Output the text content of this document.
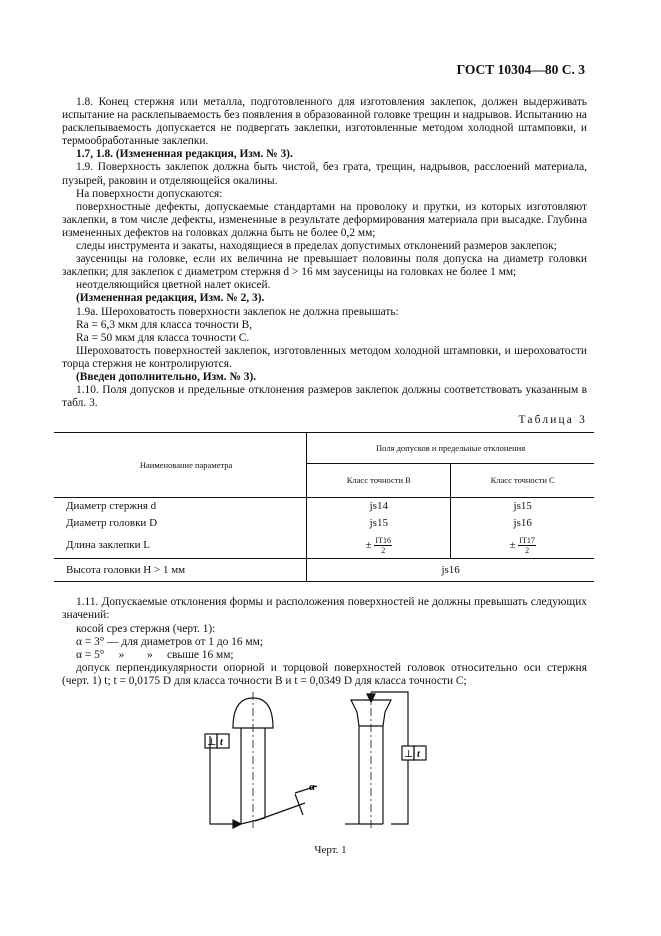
ГОСТ 10304—80 С. 3

1.8. Конец стержня или металла, подготовленного для изготовления заклепок, должен выдерживать испытание на расклепываемость без появления в образованной головке трещин и надрывов. Испытанию на расклепываемость допускается не подвергать заклепки, изготовленные методом холодной штамповки, и термообработанные заклепки.

1.7, 1.8. (Измененная редакция, Изм. № 3).

1.9. Поверхность заклепок должна быть чистой, без грата, трещин, надрывов, расслоений материала, пузырей, раковин и отделяющейся окалины.

На поверхности допускаются:

поверхностные дефекты, допускаемые стандартами на проволоку и прутки, из которых изготовляют заклепки, в том числе дефекты, измененные в результате деформирования материала при высадке. Глубина измененных дефектов на головках должна быть не более 0,2 мм;

следы инструмента и закаты, находящиеся в пределах допустимых отклонений размеров заклепок;

заусеницы на головке, если их величина не превышает половины поля допуска на диаметр головки заклепки; для заклепок с диаметром стержня d > 16 мм заусеницы на головках не более 1 мм;

неотделяющийся цветной налет окисей.

(Измененная редакция, Изм. № 2, 3).

1.9a. Шероховатость поверхности заклепок не должна превышать:

Ra = 6,3 мкм для класса точности В,

Ra = 50 мкм для класса точности С.

Шероховатость поверхностей заклепок, изготовленных методом холодной штамповки, и шероховатости торца стержня не контролируются.

(Введен дополнительно, Изм. № 3).

1.10. Поля допусков и предельные отклонения размеров заклепок должны соответствовать указанным в табл. 3.

Таблица 3
Наименование параметра	Поля допусков и предельные отклонения	
	Класс точности В	Класс точности С
Диаметр стержня d	js14	js15
Диаметр головки D	js15	js16
Длина заклепки L	± $\frac{IT16}{2}$	± $\frac{IT17}{2}$

Высота головки H > 1 мм	js16	

1.11. Допускаемые отклонения формы и расположения поверхностей не должны превышать следующих значений:

косой срез стержня (черт. 1):

α = 3° — для диаметров от 1 до 16 мм;

α = 5°     »        »     свыше 16 мм;

допуск перпендикулярности опорной и торцовой поверхностей головок относительно оси стержня (черт. 1) t; t = 0,0175 D для класса точности В и t = 0,0349 D для класса точности С;

⊥ t
⊥ t
α
Черт. 1
